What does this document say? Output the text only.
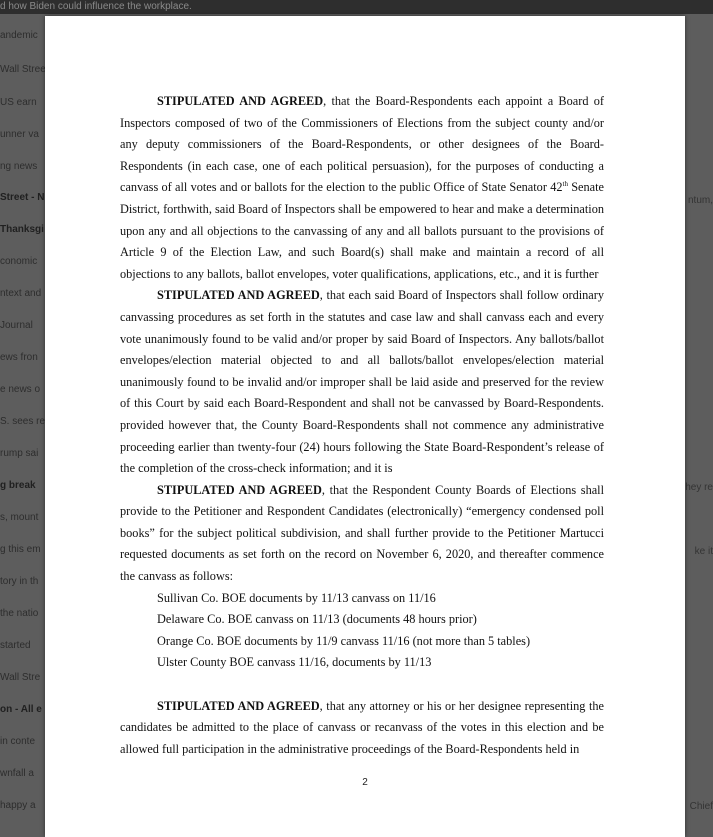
d how Biden could influence the workplace.

STIPULATED AND AGREED, that the Board-Respondents each appoint a Board of Inspectors composed of two of the Commissioners of Elections from the subject county and/or any deputy commissioners of the Board-Respondents, or other designees of the Board-Respondents (in each case, one of each political persuasion), for the purposes of conducting a canvass of all votes and or ballots for the election to the public Office of State Senator 42th Senate District, forthwith, said Board of Inspectors shall be empowered to hear and make a determination upon any and all objections to the canvassing of any and all ballots pursuant to the provisions of Article 9 of the Election Law, and such Board(s) shall make and maintain a record of all objections to any ballots, ballot envelopes, voter qualifications, applications, etc., and it is further

STIPULATED AND AGREED, that each said Board of Inspectors shall follow ordinary canvassing procedures as set forth in the statutes and case law and shall canvass each and every vote unanimously found to be valid and/or proper by said Board of Inspectors. Any ballots/ballot envelopes/election material objected to and all ballots/ballot envelopes/election material unanimously found to be invalid and/or improper shall be laid aside and preserved for the review of this Court by said each Board-Respondent and shall not be canvassed by Board-Respondents. provided however that, the County Board-Respondents shall not commence any administrative proceeding earlier than twenty-four (24) hours following the State Board-Respondent’s release of the completion of the cross-check information; and it is

STIPULATED AND AGREED, that the Respondent County Boards of Elections shall provide to the Petitioner and Respondent Candidates (electronically) “emergency condensed poll books” for the subject political subdivision, and shall further provide to the Petitioner Martucci requested documents as set forth on the record on November 6, 2020, and thereafter commence the canvass as follows:

Sullivan Co. BOE documents by 11/13 canvass on 11/16
Delaware Co. BOE canvass on 11/13 (documents 48 hours prior)
Orange Co. BOE documents by 11/9 canvass 11/16 (not more than 5 tables)
Ulster County BOE canvass 11/16, documents by 11/13

STIPULATED AND AGREED, that any attorney or his or her designee representing the candidates be admitted to the place of canvass or recanvass of the votes in this election and be allowed full participation in the administrative proceedings of the Board-Respondents held in

2
